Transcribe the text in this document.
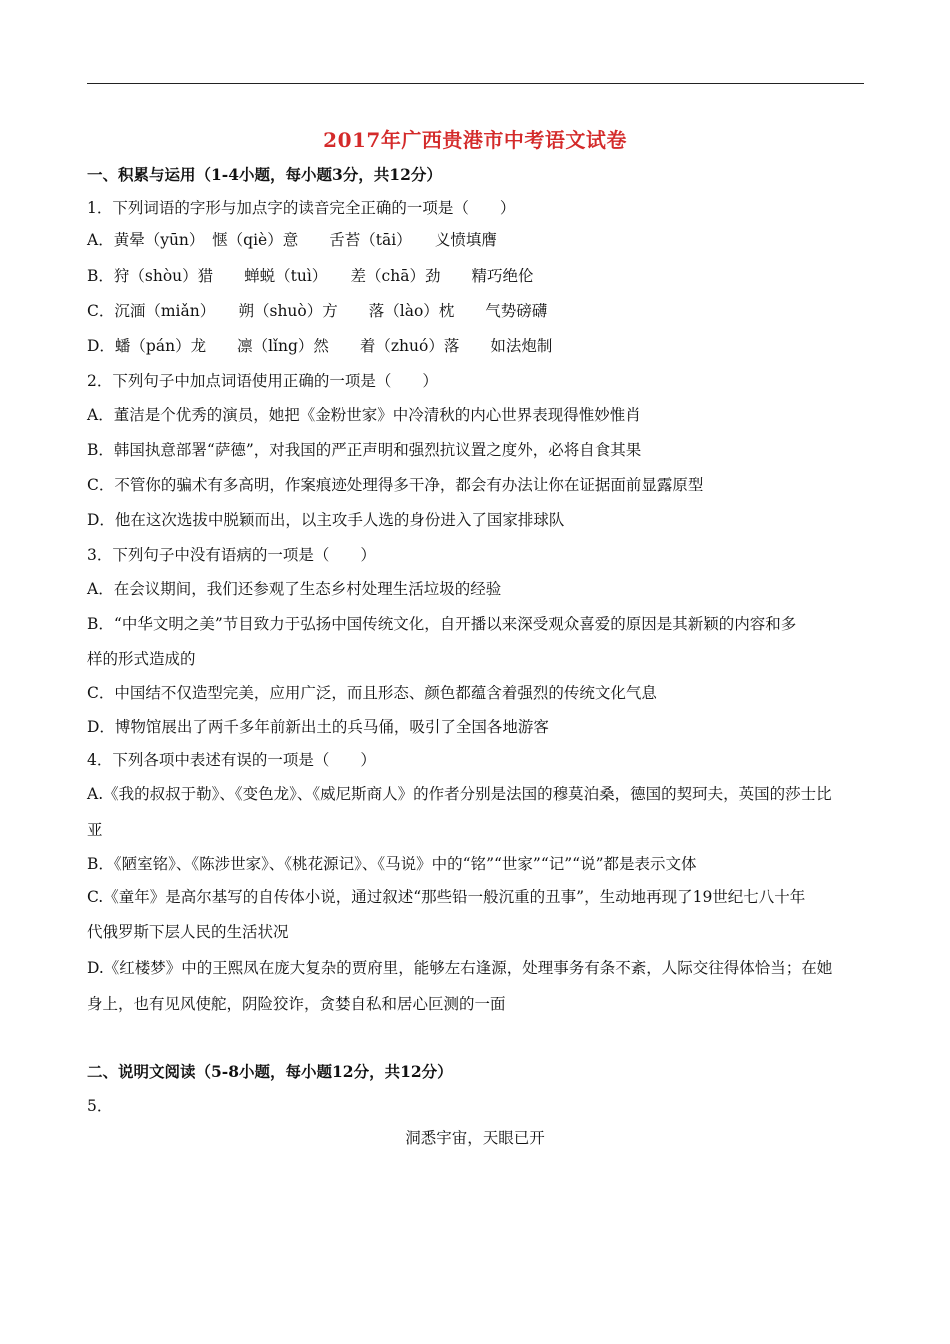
2017年广西贵港市中考语文试卷
一、积累与运用（1-4小题，每小题3分，共12分）
1．下列词语的字形与加点字的读音完全正确的一项是（　　）
A．黄晕（yūn）　惬（qiè）意　　舌苔（tāi）　　义愤填膺
B．狩（shòu）猎　　蝉蜕（tuì）　　差（chā）劲　　精巧绝伦
C．沉湎（miǎn）　　朔（shuò）方　　落（lào）枕　　气势磅礴
D．蟠（pán）龙　　凛（lǐng）然　　着（zhuó）落　　如法炮制
2．下列句子中加点词语使用正确的一项是（　　）
A．董洁是个优秀的演员，她把《金粉世家》中冷清秋的内心世界表现得惟妙惟肖
B．韩国执意部署“萨德”，对我国的严正声明和强烈抗议置之度外，必将自食其果
C．不管你的骗术有多高明，作案痕迹处理得多干净，都会有办法让你在证据面前显露原型
D．他在这次选拔中脱颖而出，以主攻手人选的身份进入了国家排球队
3．下列句子中没有语病的一项是（　　）
A．在会议期间，我们还参观了生态乡村处理生活垃圾的经验
B．“中华文明之美”节目致力于弘扬中国传统文化，自开播以来深受观众喜爱的原因是其新颖的内容和多
样的形式造成的
C．中国结不仅造型完美，应用广泛，而且形态、颜色都蕴含着强烈的传统文化气息
D．博物馆展出了两千多年前新出土的兵马俑，吸引了全国各地游客
4．下列各项中表述有误的一项是（　　）
A.《我的叔叔于勒》、《变色龙》、《威尼斯商人》的作者分别是法国的穆莫泊桑，德国的契珂夫，英国的莎士比
亚
B．《陋室铭》、《陈涉世家》、《桃花源记》、《马说》中的“铭”“世家”“记”“说”都是表示文体
C.《童年》是高尔基写的自传体小说，通过叙述“那些铅一般沉重的丑事”，生动地再现了19世纪七八十年
代俄罗斯下层人民的生活状况
D.《红楼梦》中的王熙凤在庞大复杂的贾府里，能够左右逢源，处理事务有条不紊，人际交往得体恰当；在她
身上，也有见风使舵，阴险狡诈，贪婪自私和居心叵测的一面
二、说明文阅读（5-8小题，每小题12分，共12分）
5．
洞悉宇宙，天眼已开
